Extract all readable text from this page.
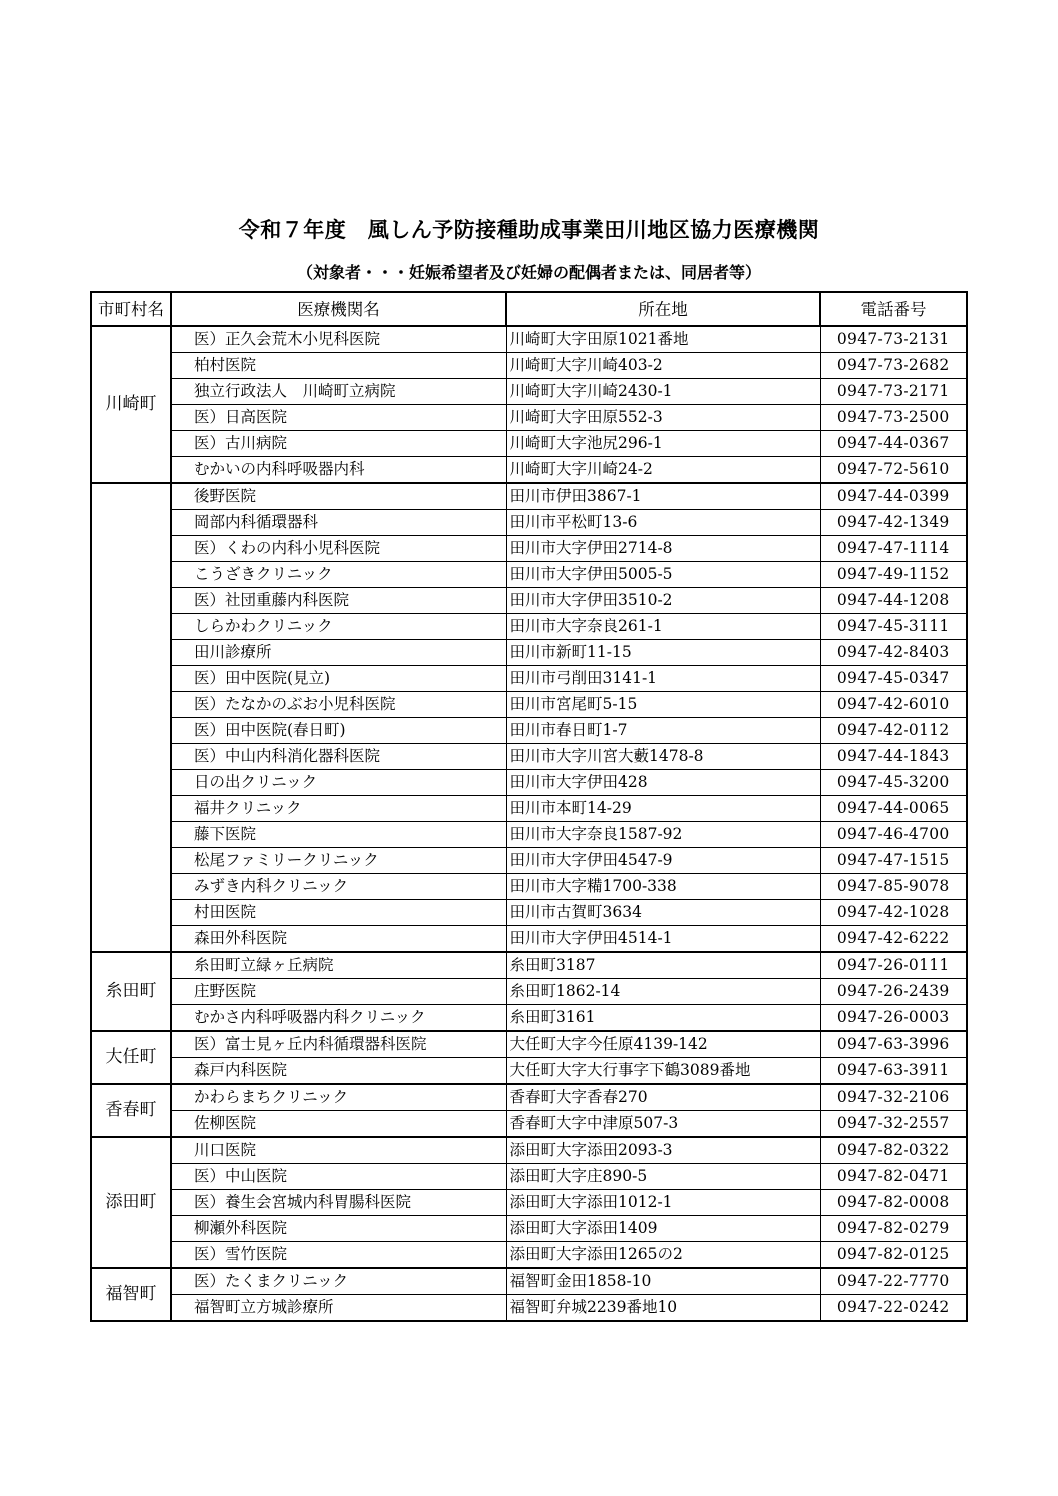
令和７年度　風しん予防接種助成事業田川地区協力医療機関
（対象者・・・妊娠希望者及び妊婦の配偶者または、同居者等）
市町村名	医療機関名	所在地	電話番号
川崎町	医）正久会荒木小児科医院	川崎町大字田原1021番地	0947-73-2131
	柏村医院	川崎町大字川崎403-2	0947-73-2682
	独立行政法人　川崎町立病院	川崎町大字川崎2430-1	0947-73-2171
	医）日高医院	川崎町大字田原552-3	0947-73-2500
	医）古川病院	川崎町大字池尻296-1	0947-44-0367
	むかいの内科呼吸器内科	川崎町大字川崎24-2	0947-72-5610
	後野医院	田川市伊田3867-1	0947-44-0399
	岡部内科循環器科	田川市平松町13-6	0947-42-1349
	医）くわの内科小児科医院	田川市大字伊田2714-8	0947-47-1114
	こうざきクリニック	田川市大字伊田5005-5	0947-49-1152
	医）社団重藤内科医院	田川市大字伊田3510-2	0947-44-1208
	しらかわクリニック	田川市大字奈良261-1	0947-45-3111
	田川診療所	田川市新町11-15	0947-42-8403
	医）田中医院(見立)	田川市弓削田3141-1	0947-45-0347
	医）たなかのぶお小児科医院	田川市宮尾町5-15	0947-42-6010
	医）田中医院(春日町)	田川市春日町1-7	0947-42-0112
	医）中山内科消化器科医院	田川市大字川宮大藪1478-8	0947-44-1843
	日の出クリニック	田川市大字伊田428	0947-45-3200
	福井クリニック	田川市本町14-29	0947-44-0065
	藤下医院	田川市大字奈良1587-92	0947-46-4700
	松尾ファミリークリニック	田川市大字伊田4547-9	0947-47-1515
	みずき内科クリニック	田川市大字糒1700-338	0947-85-9078
	村田医院	田川市古賀町3634	0947-42-1028
	森田外科医院	田川市大字伊田4514-1	0947-42-6222
糸田町	糸田町立緑ヶ丘病院	糸田町3187	0947-26-0111
	庄野医院	糸田町1862-14	0947-26-2439
	むかさ内科呼吸器内科クリニック	糸田町3161	0947-26-0003
大任町	医）富士見ヶ丘内科循環器科医院	大任町大字今任原4139-142	0947-63-3996
	森戸内科医院	大任町大字大行事字下鶴3089番地	0947-63-3911
香春町	かわらまちクリニック	香春町大字香春270	0947-32-2106
	佐柳医院	香春町大字中津原507-3	0947-32-2557
添田町	川口医院	添田町大字添田2093-3	0947-82-0322
	医）中山医院	添田町大字庄890-5	0947-82-0471
	医）養生会宮城内科胃腸科医院	添田町大字添田1012-1	0947-82-0008
	柳瀬外科医院	添田町大字添田1409	0947-82-0279
	医）雪竹医院	添田町大字添田1265の2	0947-82-0125
福智町	医）たくまクリニック	福智町金田1858-10	0947-22-7770
	福智町立方城診療所	福智町弁城2239番地10	0947-22-0242
